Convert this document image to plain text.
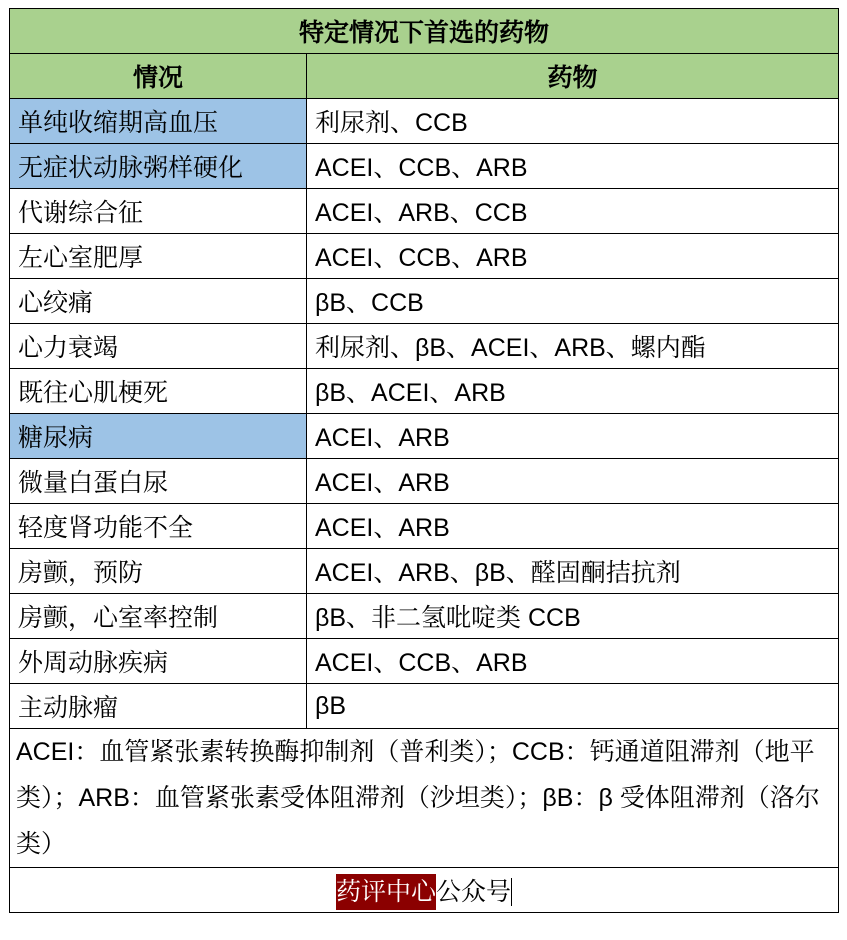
特定情况下首选的药物	
情况	药物
单纯收缩期高血压	利尿剂、CCB
无症状动脉粥样硬化	ACEI、CCB、ARB
代谢综合征	ACEI、ARB、CCB
左心室肥厚	ACEI、CCB、ARB
心绞痛	βB、CCB
心力衰竭	利尿剂、βB、ACEI、ARB、螺内酯
既往心肌梗死	βB、ACEI、ARB
糖尿病	ACEI、ARB
微量白蛋白尿	ACEI、ARB
轻度肾功能不全	ACEI、ARB
房颤，预防	ACEI、ARB、βB、醛固酮拮抗剂
房颤，心室率控制	βB、非二氢吡啶类 CCB
外周动脉疾病	ACEI、CCB、ARB
主动脉瘤	βB
ACEI：血管紧张素转换酶抑制剂（普利类）；CCB：钙通道阻滞剂（地平类）；ARB：血管紧张素受体阻滞剂（沙坦类）；βB：β 受体阻滞剂（洛尔类）	
药评中心公众号	
